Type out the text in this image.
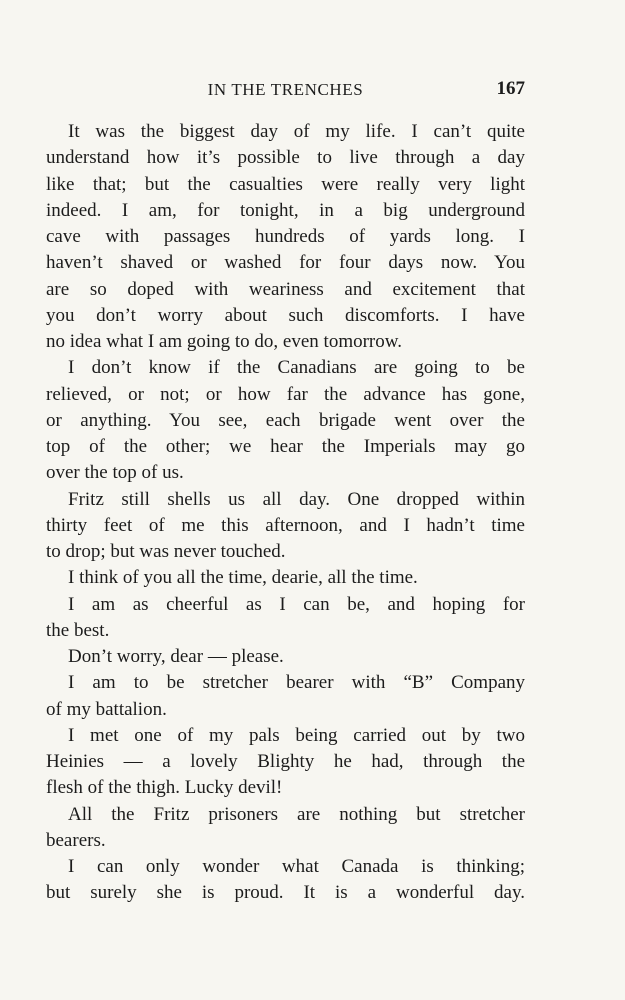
IN THE TRENCHES	167
It was the biggest day of my life. I can’t quite
understand how it’s possible to live through a day
like that; but the casualties were really very light
indeed. I am, for tonight, in a big underground
cave with passages hundreds of yards long. I
haven’t shaved or washed for four days now. You
are so doped with weariness and excitement that
you don’t worry about such discomforts. I have
no idea what I am going to do, even tomorrow.
I don’t know if the Canadians are going to be
relieved, or not; or how far the advance has gone,
or anything. You see, each brigade went over the
top of the other; we hear the Imperials may go
over the top of us.
Fritz still shells us all day. One dropped within
thirty feet of me this afternoon, and I hadn’t time
to drop; but was never touched.
I think of you all the time, dearie, all the time.
I am as cheerful as I can be, and hoping for
the best.
Don’t worry, dear — please.
I am to be stretcher bearer with “B” Company
of my battalion.
I met one of my pals being carried out by two
Heinies — a lovely Blighty he had, through the
flesh of the thigh. Lucky devil!
All the Fritz prisoners are nothing but stretcher
bearers.
I can only wonder what Canada is thinking;
but surely she is proud. It is a wonderful day.
